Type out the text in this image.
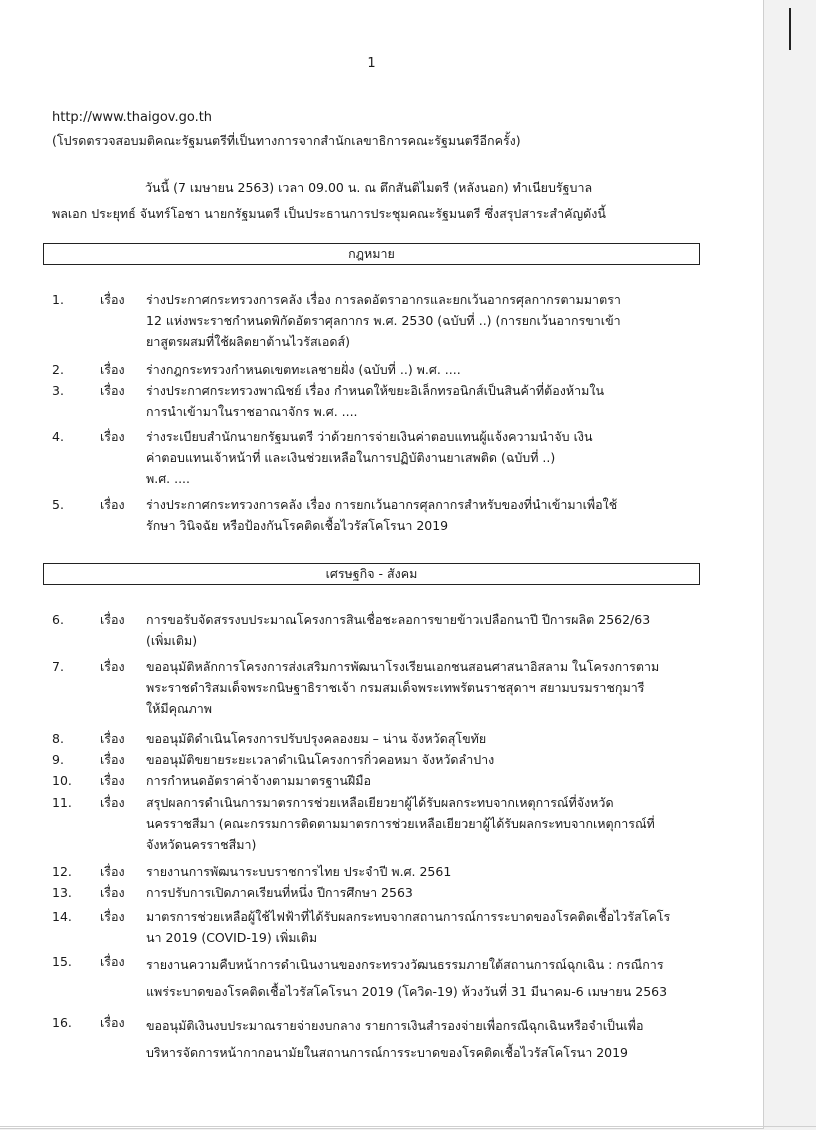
1
http://www.thaigov.go.th
(โปรดตรวจสอบมติคณะรัฐมนตรีที่เป็นทางการจากสำนักเลขาธิการคณะรัฐมนตรีอีกครั้ง)
วันนี้ (7 เมษายน 2563) เวลา 09.00 น. ณ ตึกสันติไมตรี (หลังนอก) ทำเนียบรัฐบาล
พลเอก ประยุทธ์ จันทร์โอชา นายกรัฐมนตรี เป็นประธานการประชุมคณะรัฐมนตรี ซึ่งสรุปสาระสำคัญดังนี้
กฎหมาย
1.	เรื่อง ร่างประกาศกระทรวงการคลัง เรื่อง การลดอัตราอากรและยกเว้นอากรศุลกากรตามมาตรา
12 แห่งพระราชกำหนดพิกัดอัตราศุลกากร พ.ศ. 2530 (ฉบับที่ ..) (การยกเว้นอากรขาเข้า
ยาสูตรผสมที่ใช้ผลิตยาต้านไวรัสเอดส์)
2.	เรื่อง ร่างกฎกระทรวงกำหนดเขตทะเลชายฝั่ง (ฉบับที่ ..) พ.ศ. ....
3.	เรื่อง ร่างประกาศกระทรวงพาณิชย์ เรื่อง กำหนดให้ขยะอิเล็กทรอนิกส์เป็นสินค้าที่ต้องห้ามใน
การนำเข้ามาในราชอาณาจักร พ.ศ. ....
4.	เรื่อง ร่างระเบียบสำนักนายกรัฐมนตรี ว่าด้วยการจ่ายเงินค่าตอบแทนผู้แจ้งความนำจับ เงิน
ค่าตอบแทนเจ้าหน้าที่ และเงินช่วยเหลือในการปฏิบัติงานยาเสพติด (ฉบับที่ ..)
พ.ศ. ....
5.	เรื่อง ร่างประกาศกระทรวงการคลัง เรื่อง การยกเว้นอากรศุลกากรสำหรับของที่นำเข้ามาเพื่อใช้
รักษา วินิจฉัย หรือป้องกันโรคติดเชื้อไวรัสโคโรนา 2019
เศรษฐกิจ - สังคม
6.	เรื่อง การขอรับจัดสรรงบประมาณโครงการสินเชื่อชะลอการขายข้าวเปลือกนาปี ปีการผลิต 2562/63
(เพิ่มเติม)
7.	เรื่อง ขออนุมัติหลักการโครงการส่งเสริมการพัฒนาโรงเรียนเอกชนสอนศาสนาอิสลาม ในโครงการตาม
พระราชดำริสมเด็จพระกนิษฐาธิราชเจ้า กรมสมเด็จพระเทพรัตนราชสุดาฯ สยามบรมราชกุมารี
ให้มีคุณภาพ
8.	เรื่อง ขออนุมัติดำเนินโครงการปรับปรุงคลองยม – น่าน จังหวัดสุโขทัย
9.	เรื่อง ขออนุมัติขยายระยะเวลาดำเนินโครงการกิ่วคอหมา จังหวัดลำปาง
10. เรื่อง การกำหนดอัตราค่าจ้างตามมาตรฐานฝีมือ
11. เรื่อง สรุปผลการดำเนินการมาตรการช่วยเหลือเยียวยาผู้ได้รับผลกระทบจากเหตุการณ์ที่จังหวัด
นครราชสีมา (คณะกรรมการติดตามมาตรการช่วยเหลือเยียวยาผู้ได้รับผลกระทบจากเหตุการณ์ที่
จังหวัดนครราชสีมา)
12. เรื่อง รายงานการพัฒนาระบบราชการไทย ประจำปี พ.ศ. 2561
13. เรื่อง การปรับการเปิดภาคเรียนที่หนึ่ง ปีการศึกษา 2563
14. เรื่อง มาตรการช่วยเหลือผู้ใช้ไฟฟ้าที่ได้รับผลกระทบจากสถานการณ์การระบาดของโรคติดเชื้อไวรัสโคโร
นา 2019 (COVID-19) เพิ่มเติม
15. เรื่อง รายงานความคืบหน้าการดำเนินงานของกระทรวงวัฒนธรรมภายใต้สถานการณ์ฉุกเฉิน : กรณีการ
แพร่ระบาดของโรคติดเชื้อไวรัสโคโรนา 2019 (โควิด-19) ห้วงวันที่ 31 มีนาคม-6 เมษายน 2563
16. เรื่อง ขออนุมัติเงินงบประมาณรายจ่ายงบกลาง รายการเงินสำรองจ่ายเพื่อกรณีฉุกเฉินหรือจำเป็นเพื่อ
บริหารจัดการหน้ากากอนามัยในสถานการณ์การระบาดของโรคติดเชื้อไวรัสโคโรนา 2019
